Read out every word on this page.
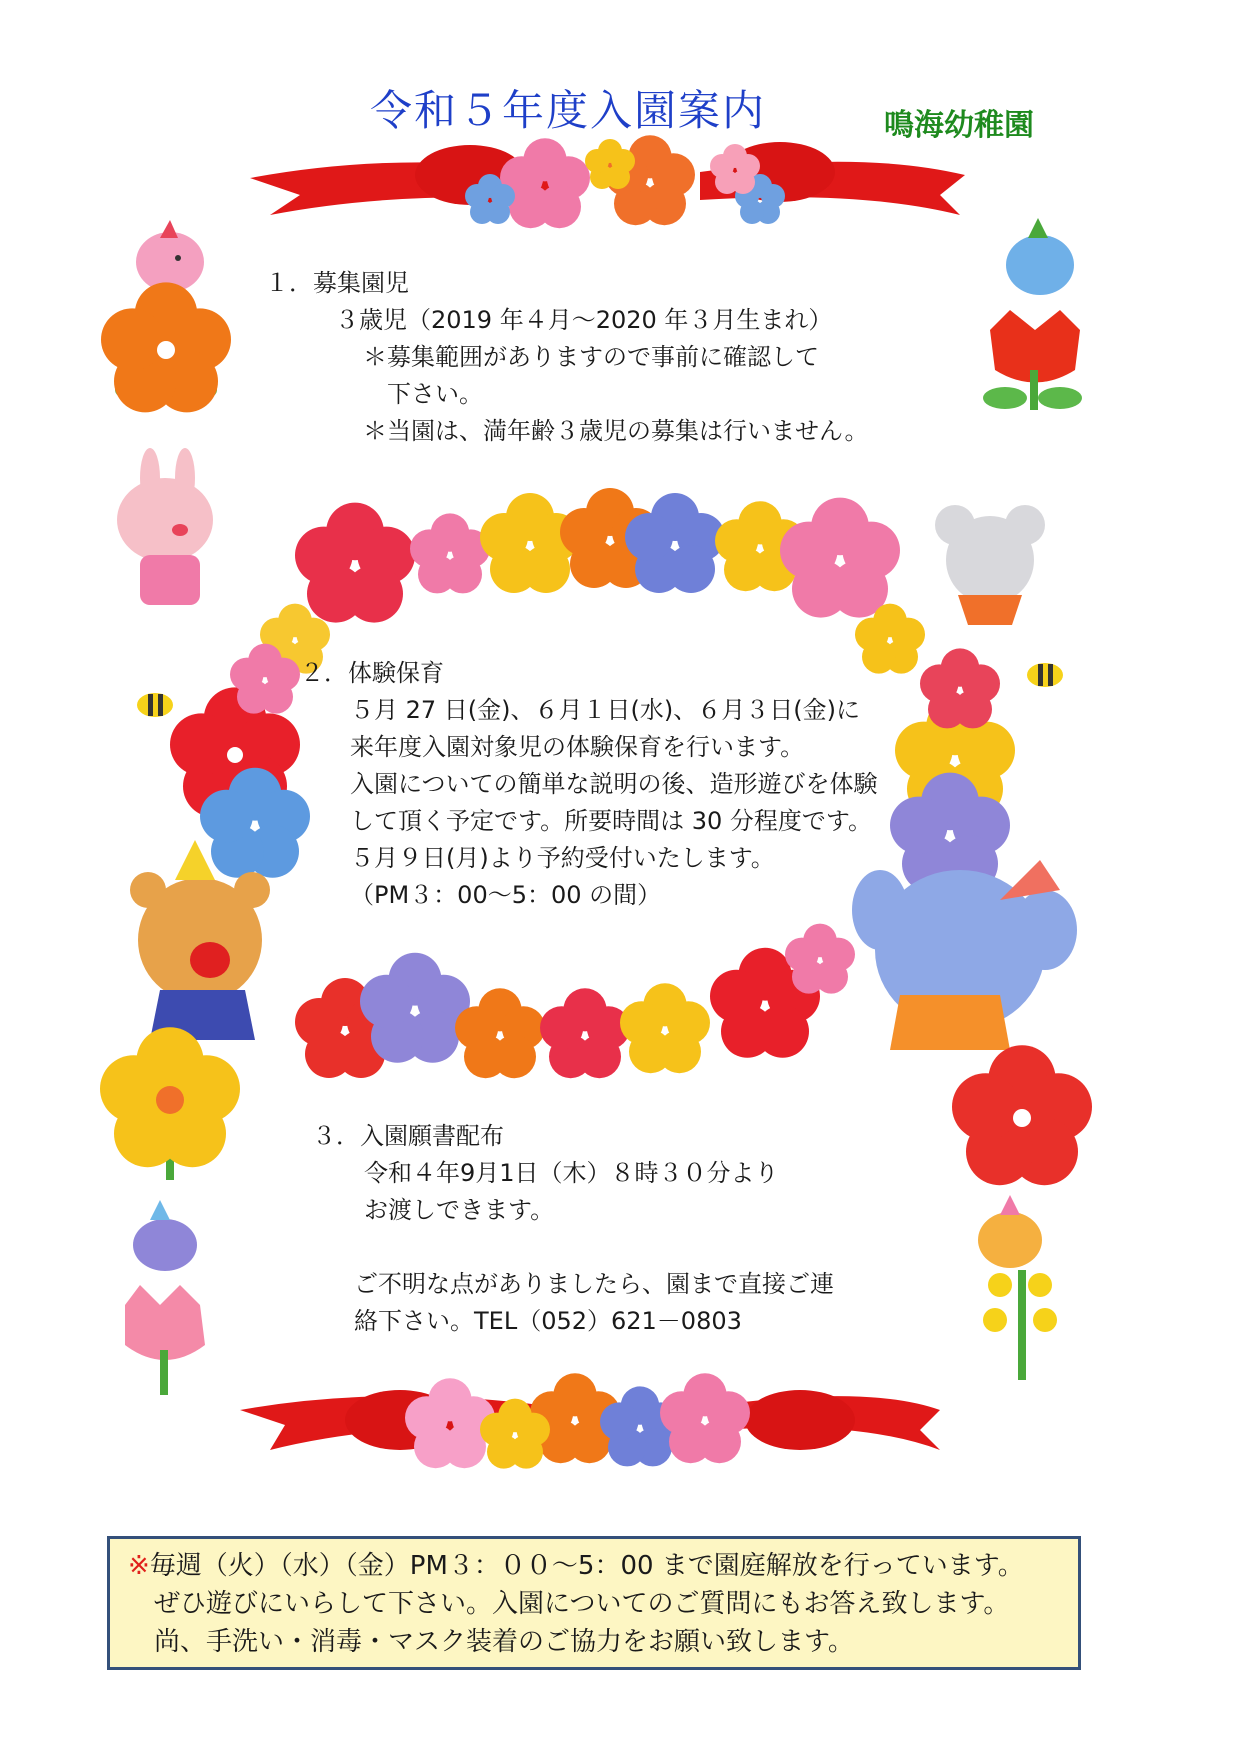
令和５年度入園案内	鳴海幼稚園
１．募集園児
３歳児（2019 年４月～2020 年３月生まれ）
＊募集範囲がありますので事前に確認して
　下さい。
＊当園は、満年齢３歳児の募集は行いません。
２．体験保育
５月 27 日(金)、６月１日(水)、６月３日(金)に
来年度入園対象児の体験保育を行います。
入園についての簡単な説明の後、造形遊びを体験
して頂く予定です。所要時間は 30 分程度です。
５月９日(月)より予約受付いたします。
（PM３：00～5：00 の間）
３．入園願書配布
令和４年9月1日（木）８時３０分より
お渡しできます。
ご不明な点がありましたら、園まで直接ご連
絡下さい。TEL（052）621－0803
※毎週（火）（水）（金）PM３：００～5：00 まで園庭解放を行っています。
ぜひ遊びにいらして下さい。入園についてのご質問にもお答え致します。
尚、手洗い・消毒・マスク装着のご協力をお願い致します。
